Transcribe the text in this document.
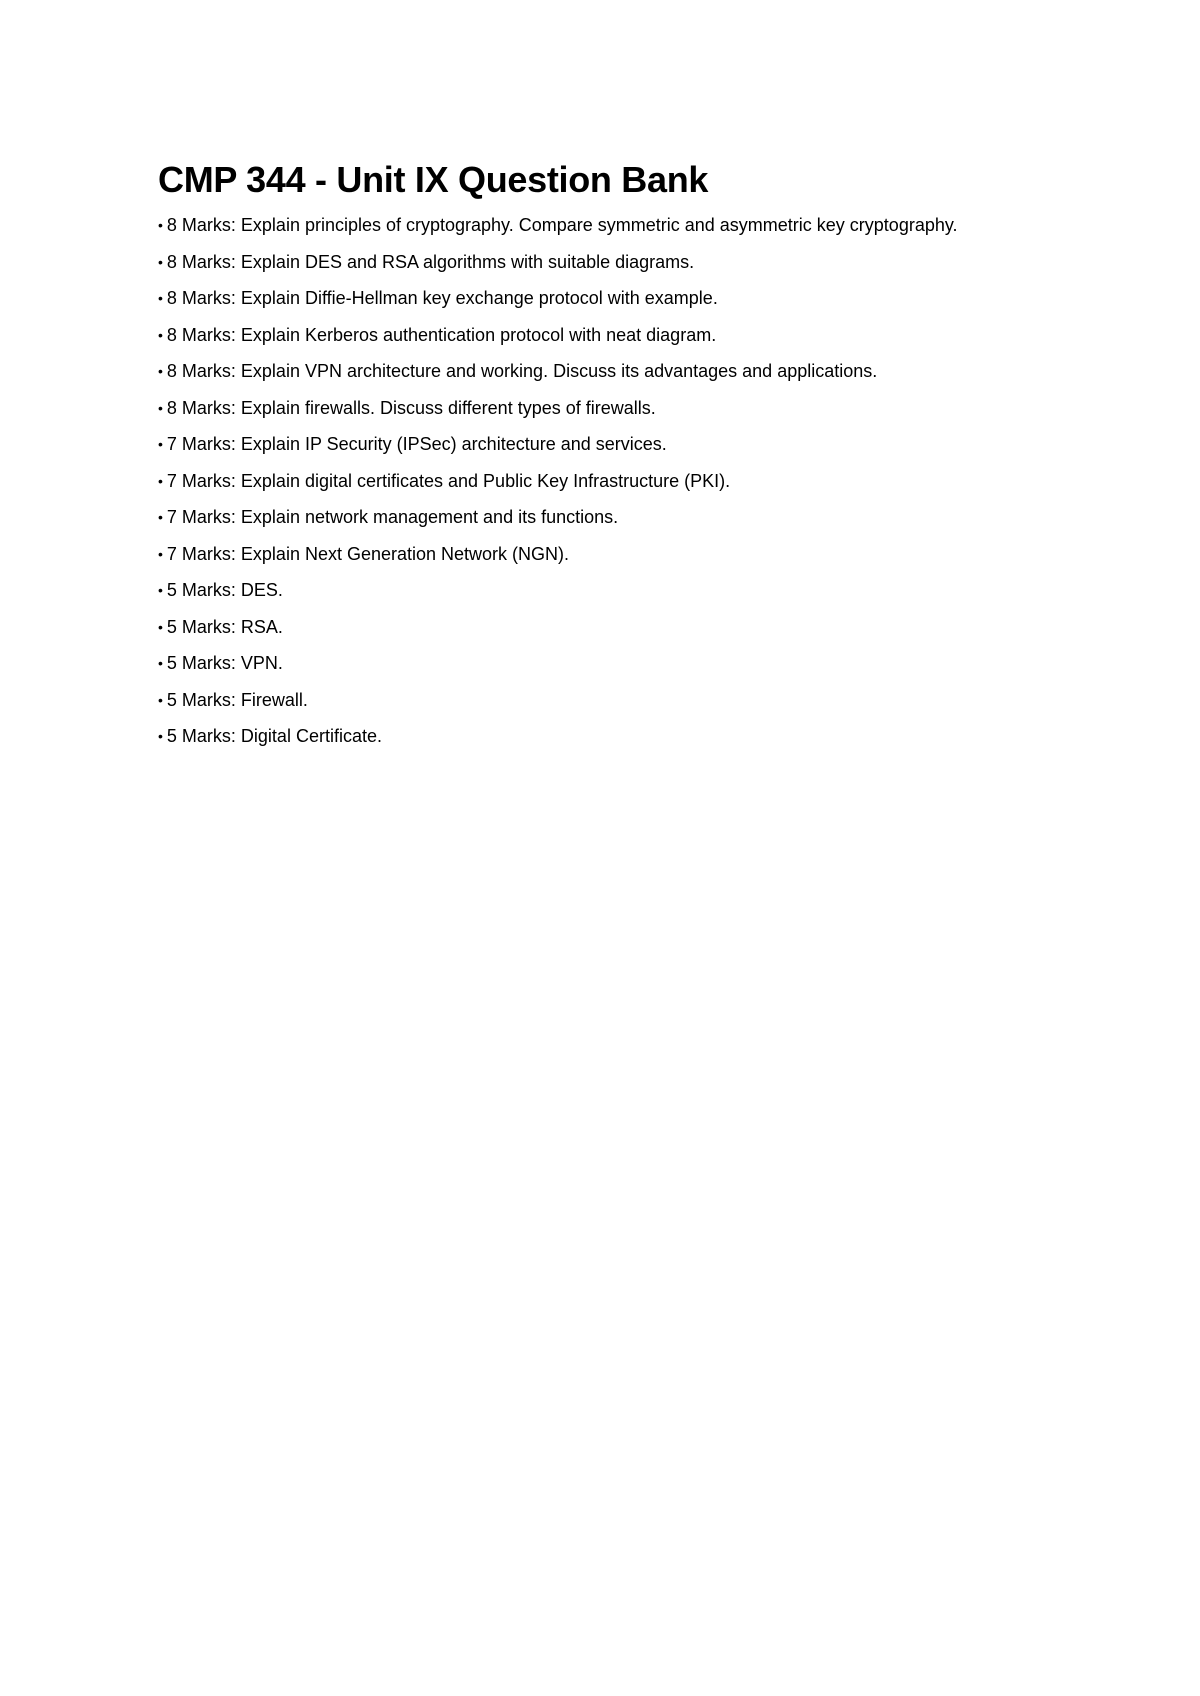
CMP 344 - Unit IX Question Bank
• 8 Marks: Explain principles of cryptography. Compare symmetric and asymmetric key cryptography.
• 8 Marks: Explain DES and RSA algorithms with suitable diagrams.
• 8 Marks: Explain Diffie-Hellman key exchange protocol with example.
• 8 Marks: Explain Kerberos authentication protocol with neat diagram.
• 8 Marks: Explain VPN architecture and working. Discuss its advantages and applications.
• 8 Marks: Explain firewalls. Discuss different types of firewalls.
• 7 Marks: Explain IP Security (IPSec) architecture and services.
• 7 Marks: Explain digital certificates and Public Key Infrastructure (PKI).
• 7 Marks: Explain network management and its functions.
• 7 Marks: Explain Next Generation Network (NGN).
• 5 Marks: DES.
• 5 Marks: RSA.
• 5 Marks: VPN.
• 5 Marks: Firewall.
• 5 Marks: Digital Certificate.
